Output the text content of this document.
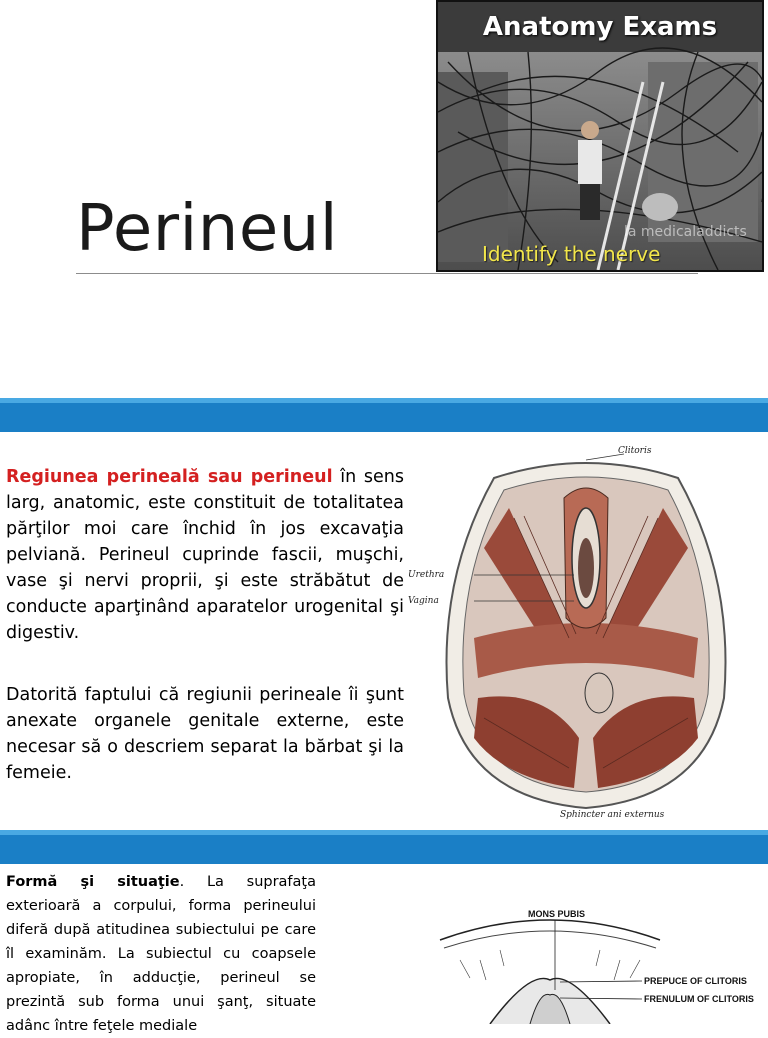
Perineul
Anatomy Exams
la medicaladdicts
Identify the nerve

Regiunea perineală sau perineul în sens larg, anatomic, este constituit de totalitatea părţilor moi care închid în jos excavaţia pelviană. Perineul cuprinde fascii, muşchi, vase şi nervi proprii, şi este străbătut de conducte aparţinând aparatelor urogenital şi digestiv.

Datorită faptului că regiunii perineale îi şunt anexate organele genitale externe, este necesar să o descriem separat la bărbat şi la femeie.

Clitoris
Urethra
Vagina
Sphincter ani externus

Formă şi situaţie. La suprafaţa exterioară a corpului, forma perineului diferă după atitudinea subiectului pe care îl examinăm. La subiectul cu coapsele apropiate, în adducţie, perineul se prezintă sub forma unui şanţ, situate adânc între feţele mediale

MONS PUBIS
PREPUCE OF CLITORIS
FRENULUM OF CLITORIS
